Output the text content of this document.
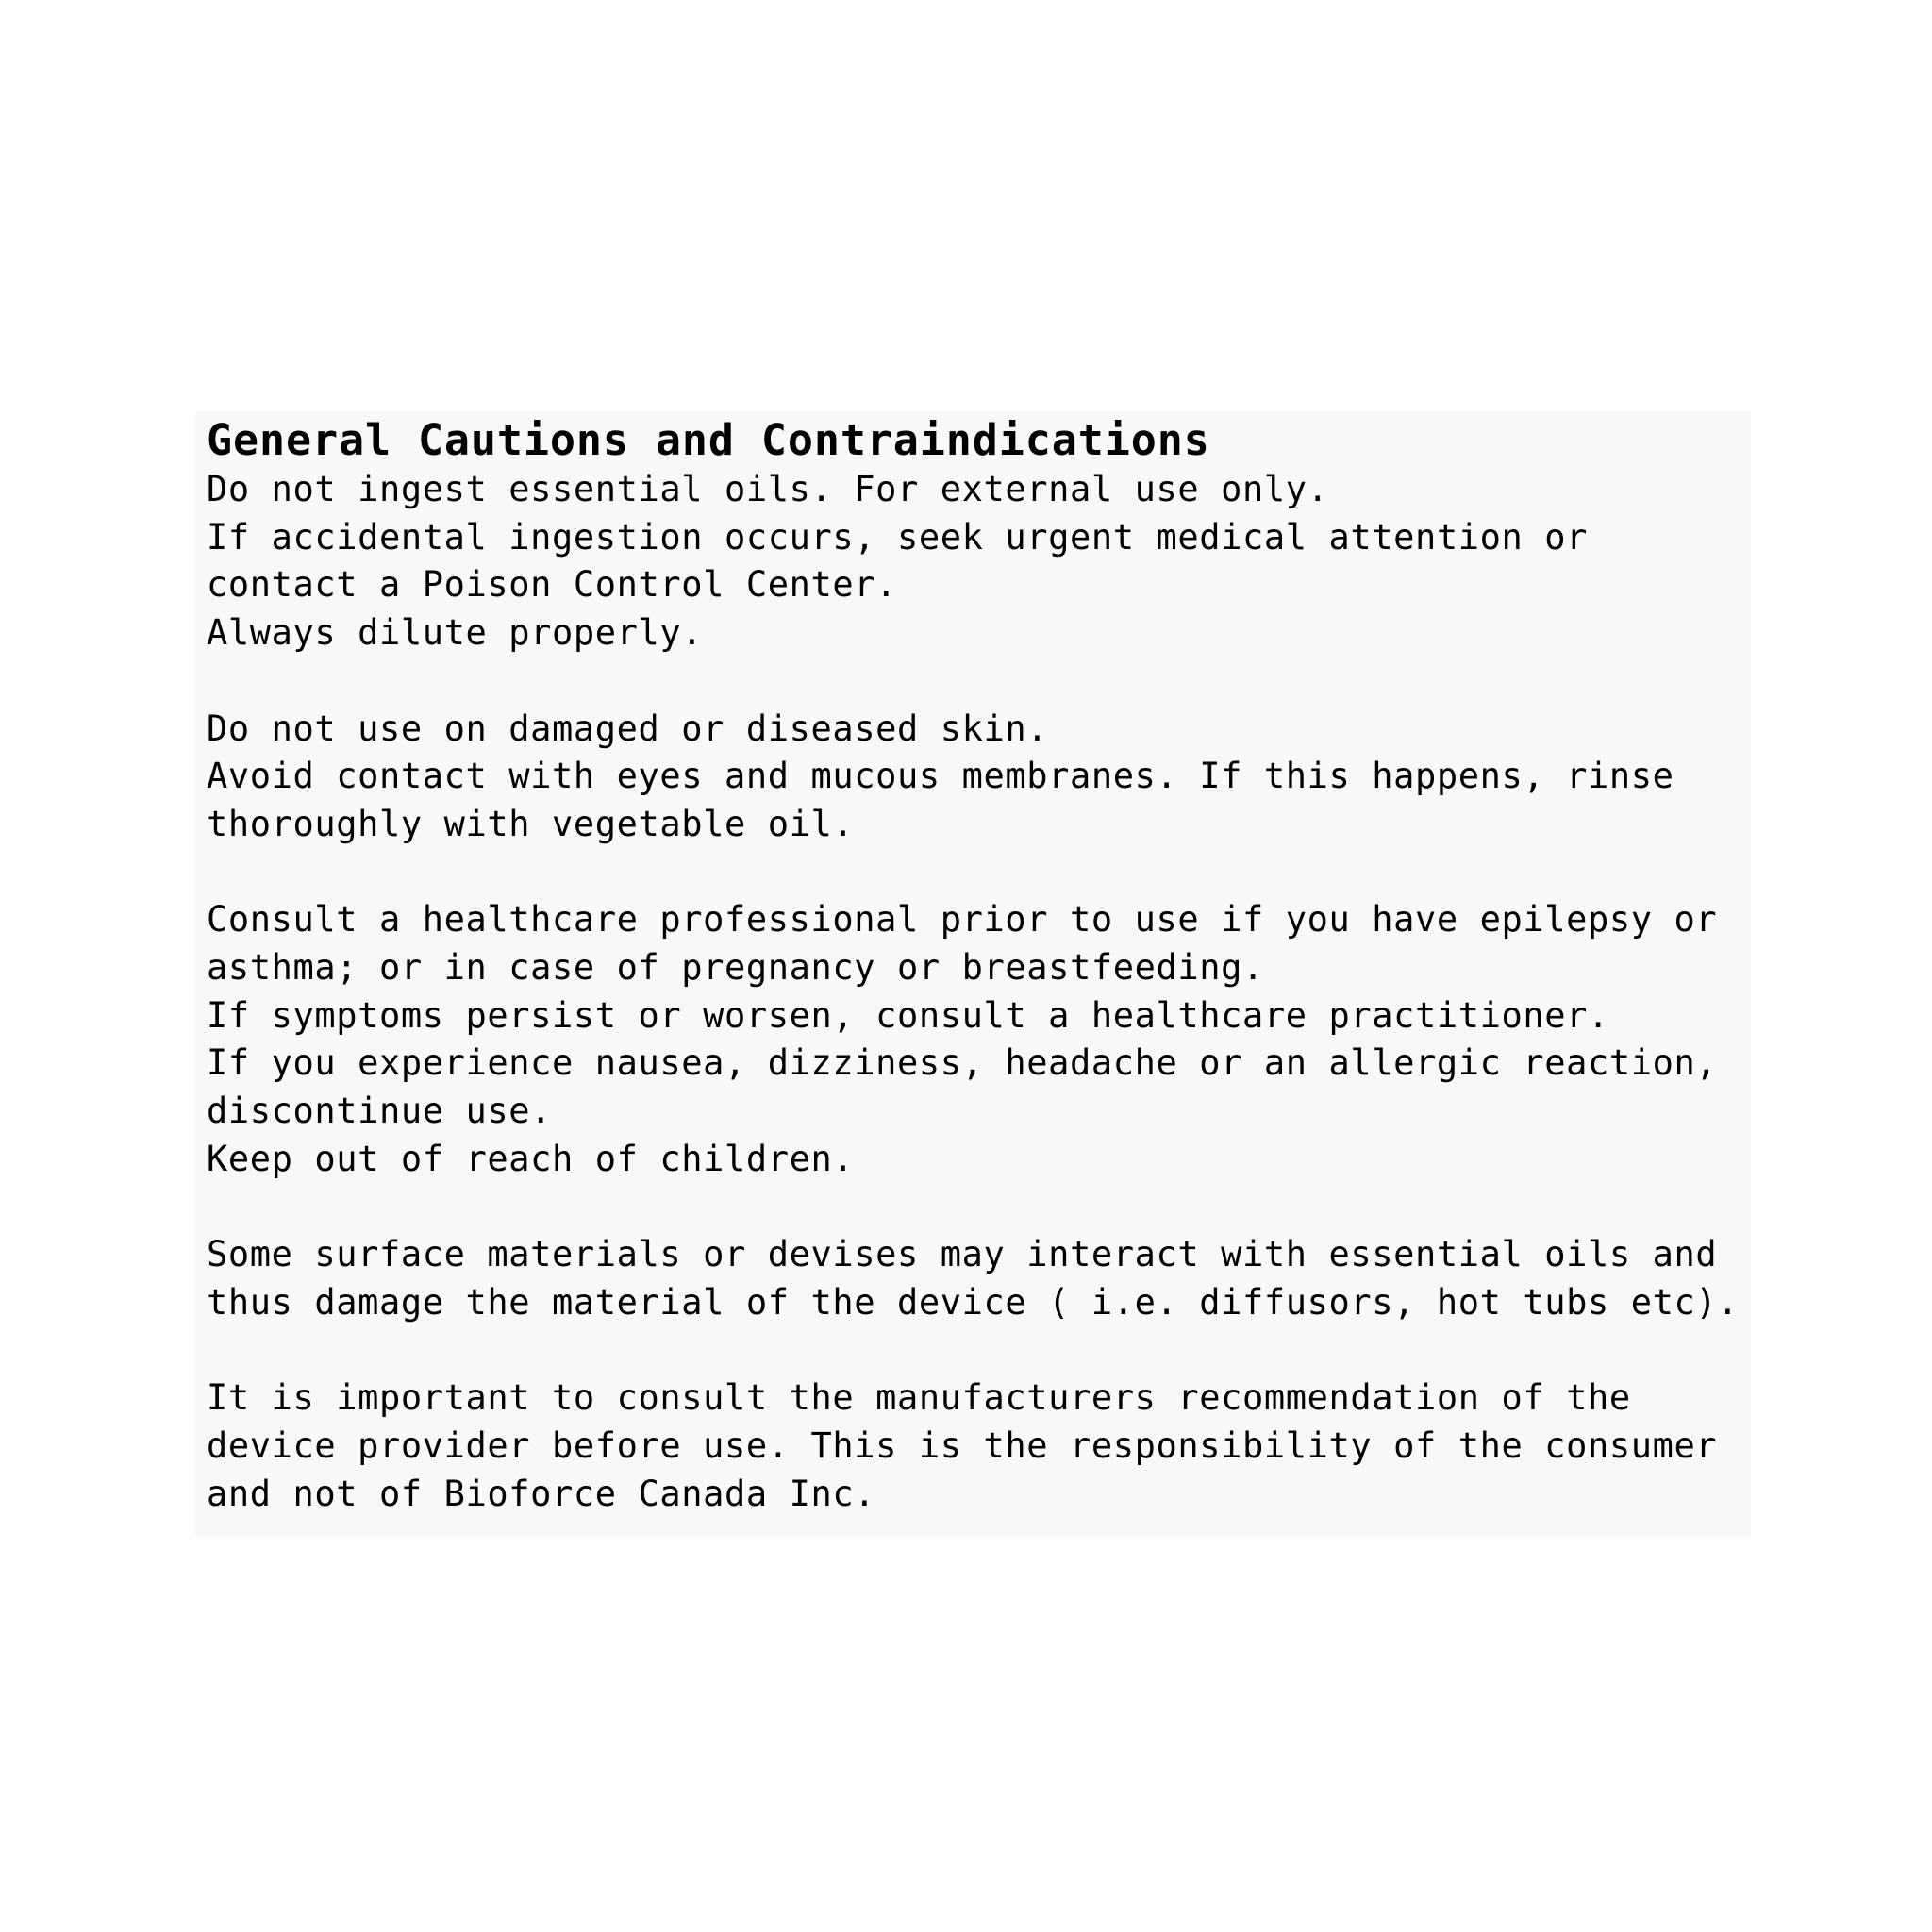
General Cautions and Contraindications
Do not ingest essential oils. For external use only.
If accidental ingestion occurs, seek urgent medical attention or
contact a Poison Control Center.
Always dilute properly.
Do not use on damaged or diseased skin.
Avoid contact with eyes and mucous membranes. If this happens, rinse
thoroughly with vegetable oil.
Consult a healthcare professional prior to use if you have epilepsy or
asthma; or in case of pregnancy or breastfeeding.
If symptoms persist or worsen, consult a healthcare practitioner.
If you experience nausea, dizziness, headache or an allergic reaction,
discontinue use.
Keep out of reach of children.
Some surface materials or devises may interact with essential oils and
thus damage the material of the device ( i.e. diffusors, hot tubs etc).
It is important to consult the manufacturers recommendation of the
device provider before use. This is the responsibility of the consumer
and not of Bioforce Canada Inc.
